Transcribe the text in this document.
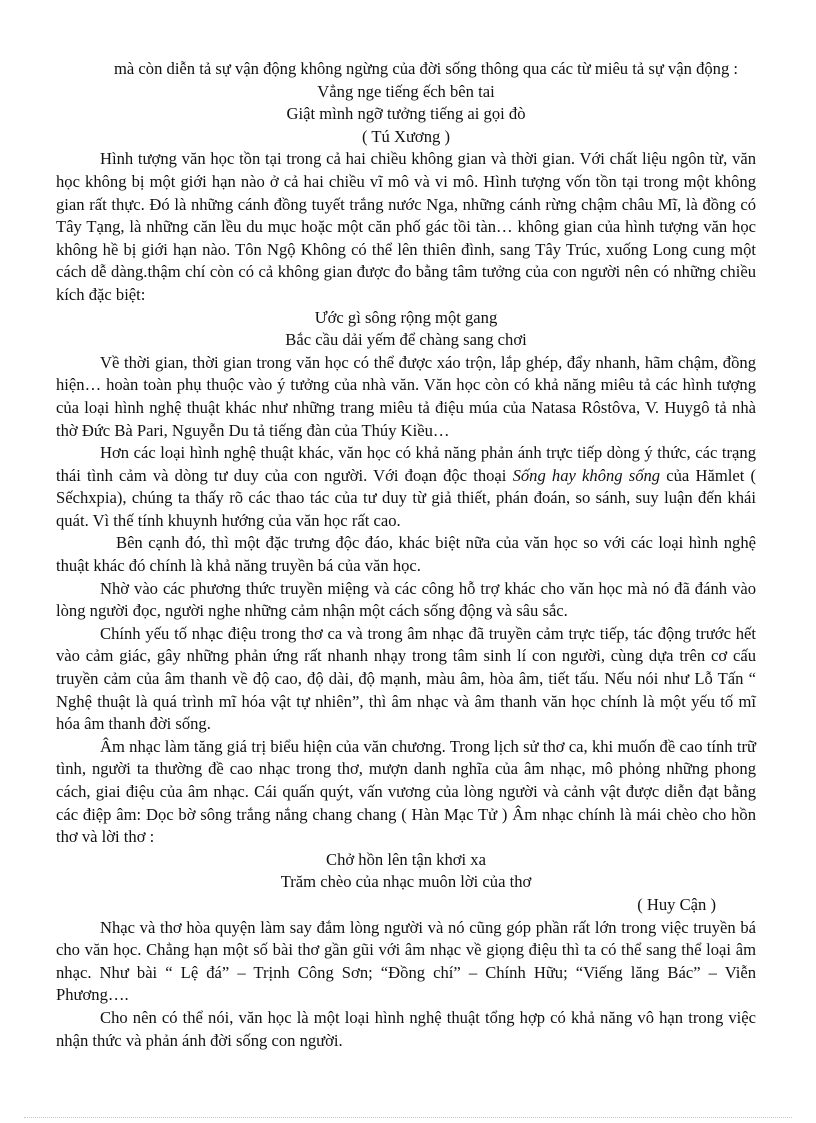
mà còn diễn tả sự vận động không ngừng của đời sống thông qua các từ miêu tả sự vận động :

Vẳng nge tiếng ếch bên tai

Giật mình ngỡ tưởng tiếng ai gọi đò

( Tú Xương )

Hình tượng văn học tồn tại trong cả hai chiều không gian và thời gian. Với chất liệu ngôn từ, văn học không bị một giới hạn nào ở cả hai chiều vĩ mô và vi mô. Hình tượng vốn tồn tại trong một không gian rất thực. Đó là những cánh đồng tuyết trắng nước Nga, những cánh rừng chậm châu Mĩ, là đồng có Tây Tạng, là những căn lều du mục hoặc một căn phố gác tồi tàn… không gian của hình tượng văn học không hề bị giới hạn nào. Tôn Ngộ Không có thể lên thiên đình, sang Tây Trúc, xuống Long cung một cách dễ dàng.thậm chí còn có cả không gian được đo bằng tâm tưởng của con người nên có những chiều kích đặc biệt:

Ước gì sông rộng một gang

Bắc cầu dải yếm để chàng sang chơi

Về thời gian, thời gian trong văn học có thể được xáo trộn, lắp ghép, đẩy nhanh, hãm chậm, đồng hiện… hoàn toàn phụ thuộc vào ý tưởng của nhà văn. Văn học còn có khả năng miêu tả các hình tượng của loại hình nghệ thuật khác như những trang miêu tả điệu múa của Natasa Rôstôva, V. Huygô tả nhà thờ Đức Bà Pari, Nguyễn Du tả tiếng đàn của Thúy Kiều…

Hơn các loại hình nghệ thuật khác, văn học có khả năng phản ánh trực tiếp dòng ý thức, các trạng thái tình cảm và dòng tư duy của con người. Với đoạn độc thoại Sống hay không sống của Hămlet ( Sếchxpia), chúng ta thấy rõ các thao tác của tư duy từ giả thiết, phán đoán, so sánh, suy luận đến khái quát. Vì thế tính khuynh hướng của văn học rất cao.

Bên cạnh đó, thì một đặc trưng độc đáo, khác biệt nữa của văn học so với các loại hình nghệ thuật khác đó chính là khả năng truyền bá của văn học.

Nhờ vào các phương thức truyền miệng và các công hỗ trợ khác cho văn học mà nó đã đánh vào lòng người đọc, người nghe những cảm nhận một cách sống động và sâu sắc.

Chính yếu tố nhạc điệu trong thơ ca và trong âm nhạc đã truyền cảm trực tiếp, tác động trước hết vào cảm giác, gây những phản ứng rất nhanh nhạy trong tâm sinh lí con người, cùng dựa trên cơ cấu truyền cảm của âm thanh về độ cao, độ dài, độ mạnh, màu âm, hòa âm, tiết tấu. Nếu nói như Lỗ Tấn “ Nghệ thuật là quá trình mĩ hóa vật tự nhiên”, thì âm nhạc và âm thanh văn học chính là một yếu tố mĩ hóa âm thanh đời sống.

Âm nhạc làm tăng giá trị biểu hiện của văn chương. Trong lịch sử thơ ca, khi muốn đề cao tính trữ tình, người ta thường đề cao nhạc trong thơ, mượn danh nghĩa của âm nhạc, mô phỏng những phong cách, giai điệu của âm nhạc. Cái quấn quýt, vấn vương của lòng người và cảnh vật được diễn đạt bằng các điệp âm: Dọc bờ sông trắng nắng chang chang ( Hàn Mạc Tử ) Âm nhạc chính là mái chèo cho hồn thơ và lời thơ :

Chở hồn lên tận khơi xa

Trăm chèo của nhạc muôn lời của thơ

( Huy Cận )

Nhạc và thơ hòa quyện làm say đắm lòng người và nó cũng góp phần rất lớn trong việc truyền bá cho văn học. Chẳng hạn một số bài thơ gần gũi với âm nhạc về giọng điệu thì ta có thể sang thể loại âm nhạc. Như bài “ Lệ đá” – Trịnh Công Sơn; “Đồng chí” – Chính Hữu; “Viếng lăng Bác” – Viễn Phương….

Cho nên có thể nói, văn học là một loại hình nghệ thuật tổng hợp có khả năng vô hạn trong việc nhận thức và phản ánh đời sống con người.
